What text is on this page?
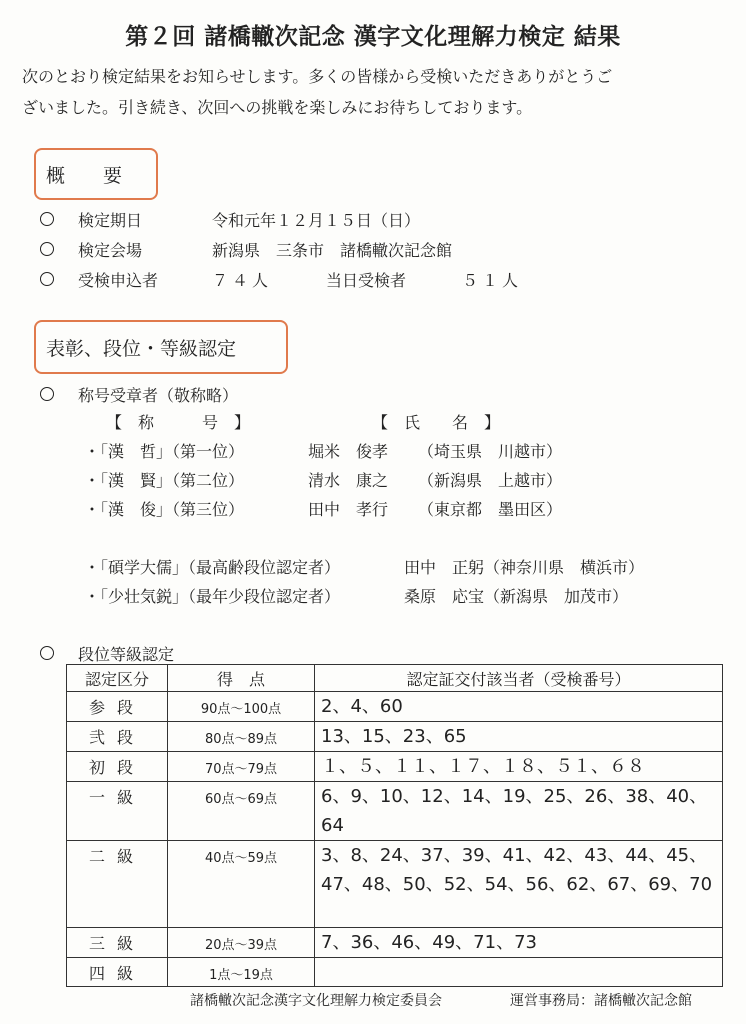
第２回 諸橋轍次記念 漢字文化理解力検定 結果
次のとおり検定結果をお知らせします。多くの皆様から受検いただきありがとうご
ざいました。引き続き、次回への挑戦を楽しみにお待ちしております。
概　　要
検定期日	令和元年１２月１５日（日）
検定会場	新潟県　三条市　諸橋轍次記念館
受検申込者	７４人	当日受検者	５１人
表彰、段位・等級認定
称号受章者（敬称略）
【　称　　　号　】	【　氏　　名　】
・「漢　哲」（第一位）	堀米　俊孝 （埼玉県　川越市）
・「漢　賢」（第二位）	清水　康之 （新潟県　上越市）
・「漢　俊」（第三位）	田中　孝行 （東京都　墨田区）
・「碩学大儒」（最高齢段位認定者）	田中　正躬（神奈川県　横浜市）
・「少壮気鋭」（最年少段位認定者）	桑原　応宝（新潟県　加茂市）
段位等級認定
認定区分	得　点	認定証交付該当者（受検番号）
参段	90点～100点	2、4、60
弐段	80点～89点	13、15、23、65
初段	70点～79点	１、５、１１、１７、１８、５１、６８
一級	60点～69点	6、9、10、12、14、19、25、26、38、40、64
二級	40点～59点	3、8、24、37、39、41、42、43、44、45、47、48、50、52、54、56、62、67、69、70
三級	20点～39点	7、36、46、49、71、73
四級	1点～19点	
諸橋轍次記念漢字文化理解力検定委員会	運営事務局：諸橋轍次記念館
